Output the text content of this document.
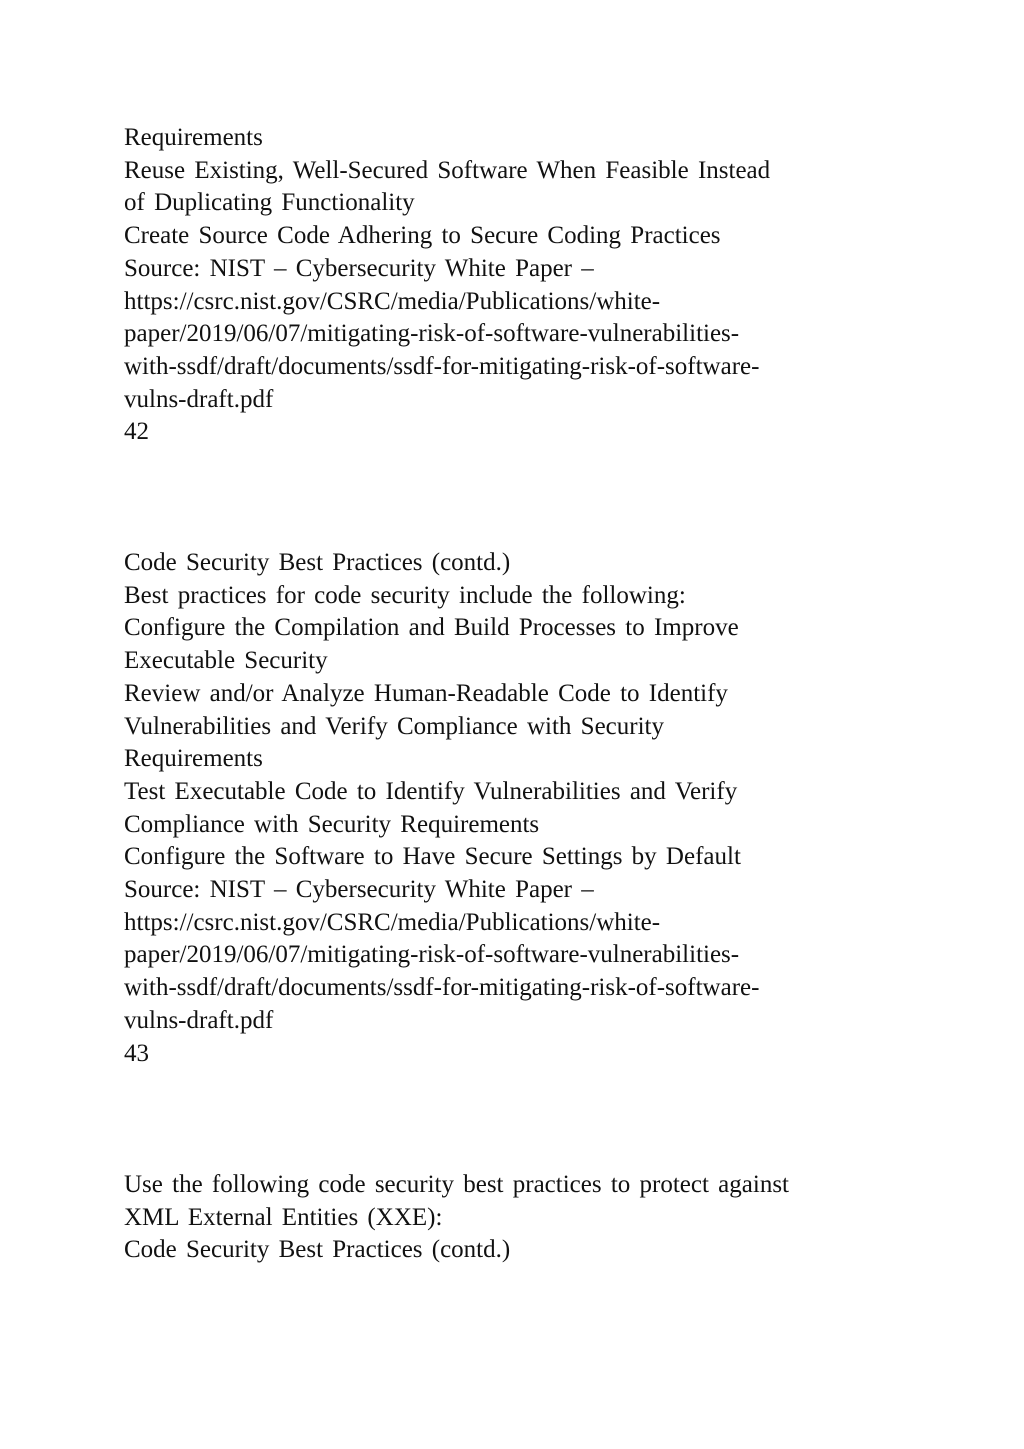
Requirements
Reuse Existing, Well-Secured Software When Feasible Instead
of Duplicating Functionality
Create Source Code Adhering to Secure Coding Practices
Source: NIST – Cybersecurity White Paper –
https://csrc.nist.gov/CSRC/media/Publications/white-
paper/2019/06/07/mitigating-risk-of-software-vulnerabilities-
with-ssdf/draft/documents/ssdf-for-mitigating-risk-of-software-
vulns-draft.pdf
42
Code Security Best Practices (contd.)
Best practices for code security include the following:
Configure the Compilation and Build Processes to Improve
Executable Security
Review and/or Analyze Human-Readable Code to Identify
Vulnerabilities and Verify Compliance with Security
Requirements
Test Executable Code to Identify Vulnerabilities and Verify
Compliance with Security Requirements
Configure the Software to Have Secure Settings by Default
Source: NIST – Cybersecurity White Paper –
https://csrc.nist.gov/CSRC/media/Publications/white-
paper/2019/06/07/mitigating-risk-of-software-vulnerabilities-
with-ssdf/draft/documents/ssdf-for-mitigating-risk-of-software-
vulns-draft.pdf
43
Use the following code security best practices to protect against
XML External Entities (XXE):
Code Security Best Practices (contd.)
